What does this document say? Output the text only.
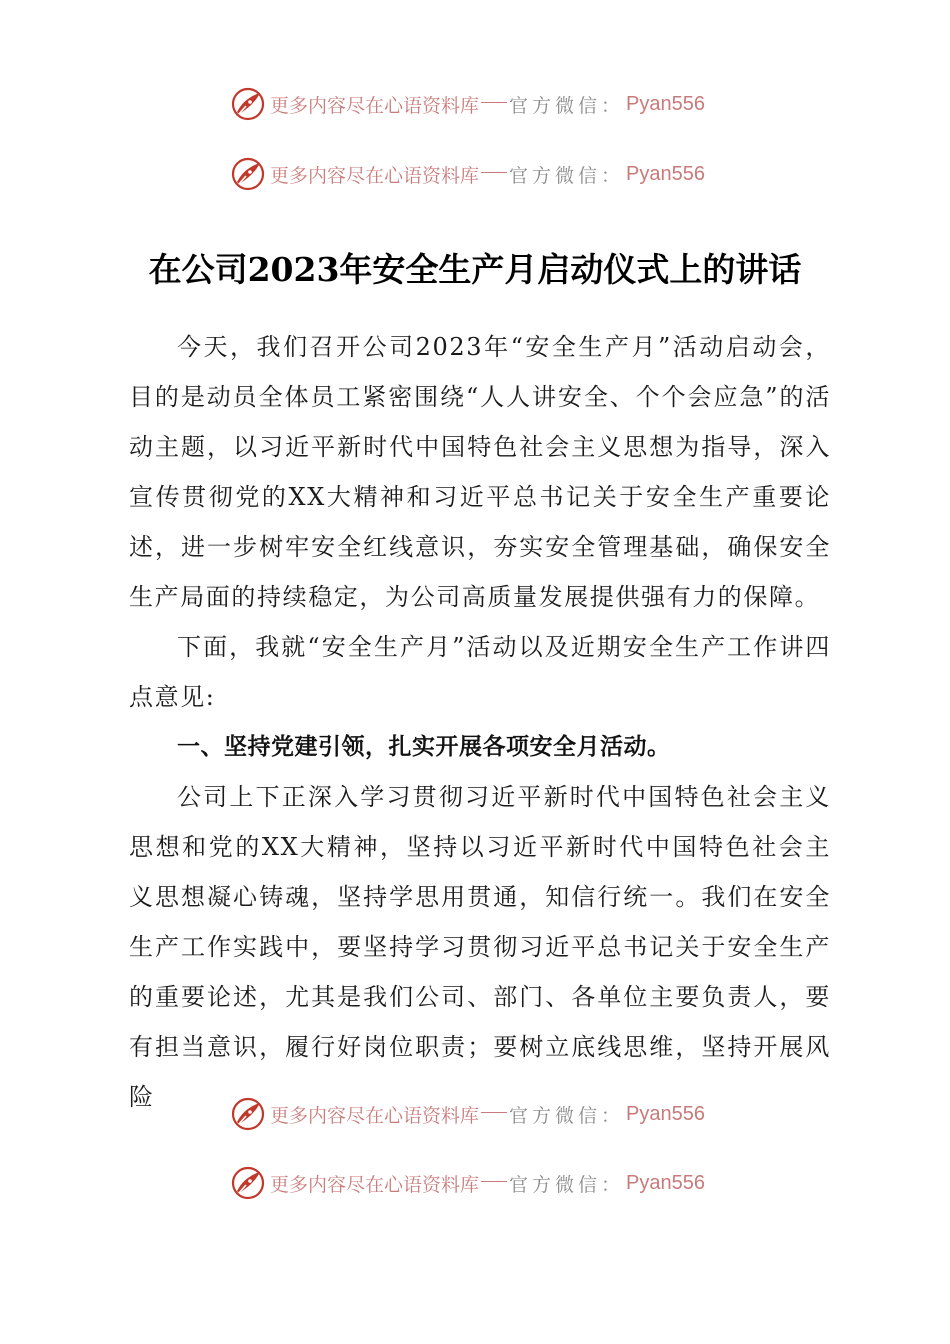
更多内容尽在心语资料库 官方微信： Pyan556
更多内容尽在心语资料库 官方微信： Pyan556
在公司2023年安全生产月启动仪式上的讲话

今天，我们召开公司2023年“安全生产月”活动启动会，目的是动员全体员工紧密围绕“人人讲安全、个个会应急”的活动主题，以习近平新时代中国特色社会主义思想为指导，深入宣传贯彻党的XX大精神和习近平总书记关于安全生产重要论述，进一步树牢安全红线意识，夯实安全管理基础，确保安全生产局面的持续稳定，为公司高质量发展提供强有力的保障。

下面，我就“安全生产月”活动以及近期安全生产工作讲四点意见:

一、坚持党建引领，扎实开展各项安全月活动。

公司上下正深入学习贯彻习近平新时代中国特色社会主义思想和党的XX大精神，坚持以习近平新时代中国特色社会主义思想凝心铸魂，坚持学思用贯通，知信行统一。我们在安全生产工作实践中，要坚持学习贯彻习近平总书记关于安全生产的重要论述，尤其是我们公司、部门、各单位主要负责人，要有担当意识，履行好岗位职责；要树立底线思维，坚持开展风险

更多内容尽在心语资料库 官方微信： Pyan556
更多内容尽在心语资料库 官方微信： Pyan556
